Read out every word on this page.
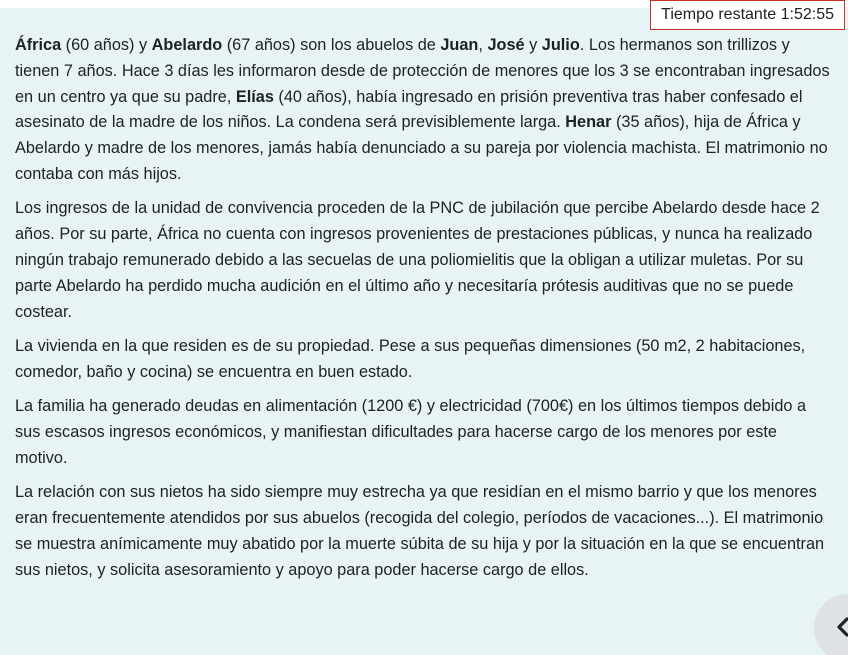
África (60 años) y Abelardo (67 años) son los abuelos de Juan, José y Julio. Los hermanos son trillizos y tienen 7 años. Hace 3 días les informaron desde de protección de menores que los 3 se encontraban ingresados en un centro ya que su padre, Elías (40 años), había ingresado en prisión preventiva tras haber confesado el asesinato de la madre de los niños. La condena será previsiblemente larga. Henar (35 años), hija de África y Abelardo y madre de los menores, jamás había denunciado a su pareja por violencia machista. El matrimonio no contaba con más hijos.

Los ingresos de la unidad de convivencia proceden de la PNC de jubilación que percibe Abelardo desde hace 2 años. Por su parte, África no cuenta con ingresos provenientes de prestaciones públicas, y nunca ha realizado ningún trabajo remunerado debido a las secuelas de una poliomielitis que la obligan a utilizar muletas. Por su parte Abelardo ha perdido mucha audición en el último año y necesitaría prótesis auditivas que no se puede costear.

La vivienda en la que residen es de su propiedad. Pese a sus pequeñas dimensiones (50 m2, 2 habitaciones, comedor, baño y cocina) se encuentra en buen estado.

La familia ha generado deudas en alimentación (1200 €) y electricidad (700€) en los últimos tiempos debido a sus escasos ingresos económicos, y manifiestan dificultades para hacerse cargo de los menores por este motivo.

La relación con sus nietos ha sido siempre muy estrecha ya que residían en el mismo barrio y que los menores eran frecuentemente atendidos por sus abuelos (recogida del colegio, períodos de vacaciones...). El matrimonio se muestra anímicamente muy abatido por la muerte súbita de su hija y por la situación en la que se encuentran sus nietos, y solicita asesoramiento y apoyo para poder hacerse cargo de ellos.

Tiempo restante 1:52:55
